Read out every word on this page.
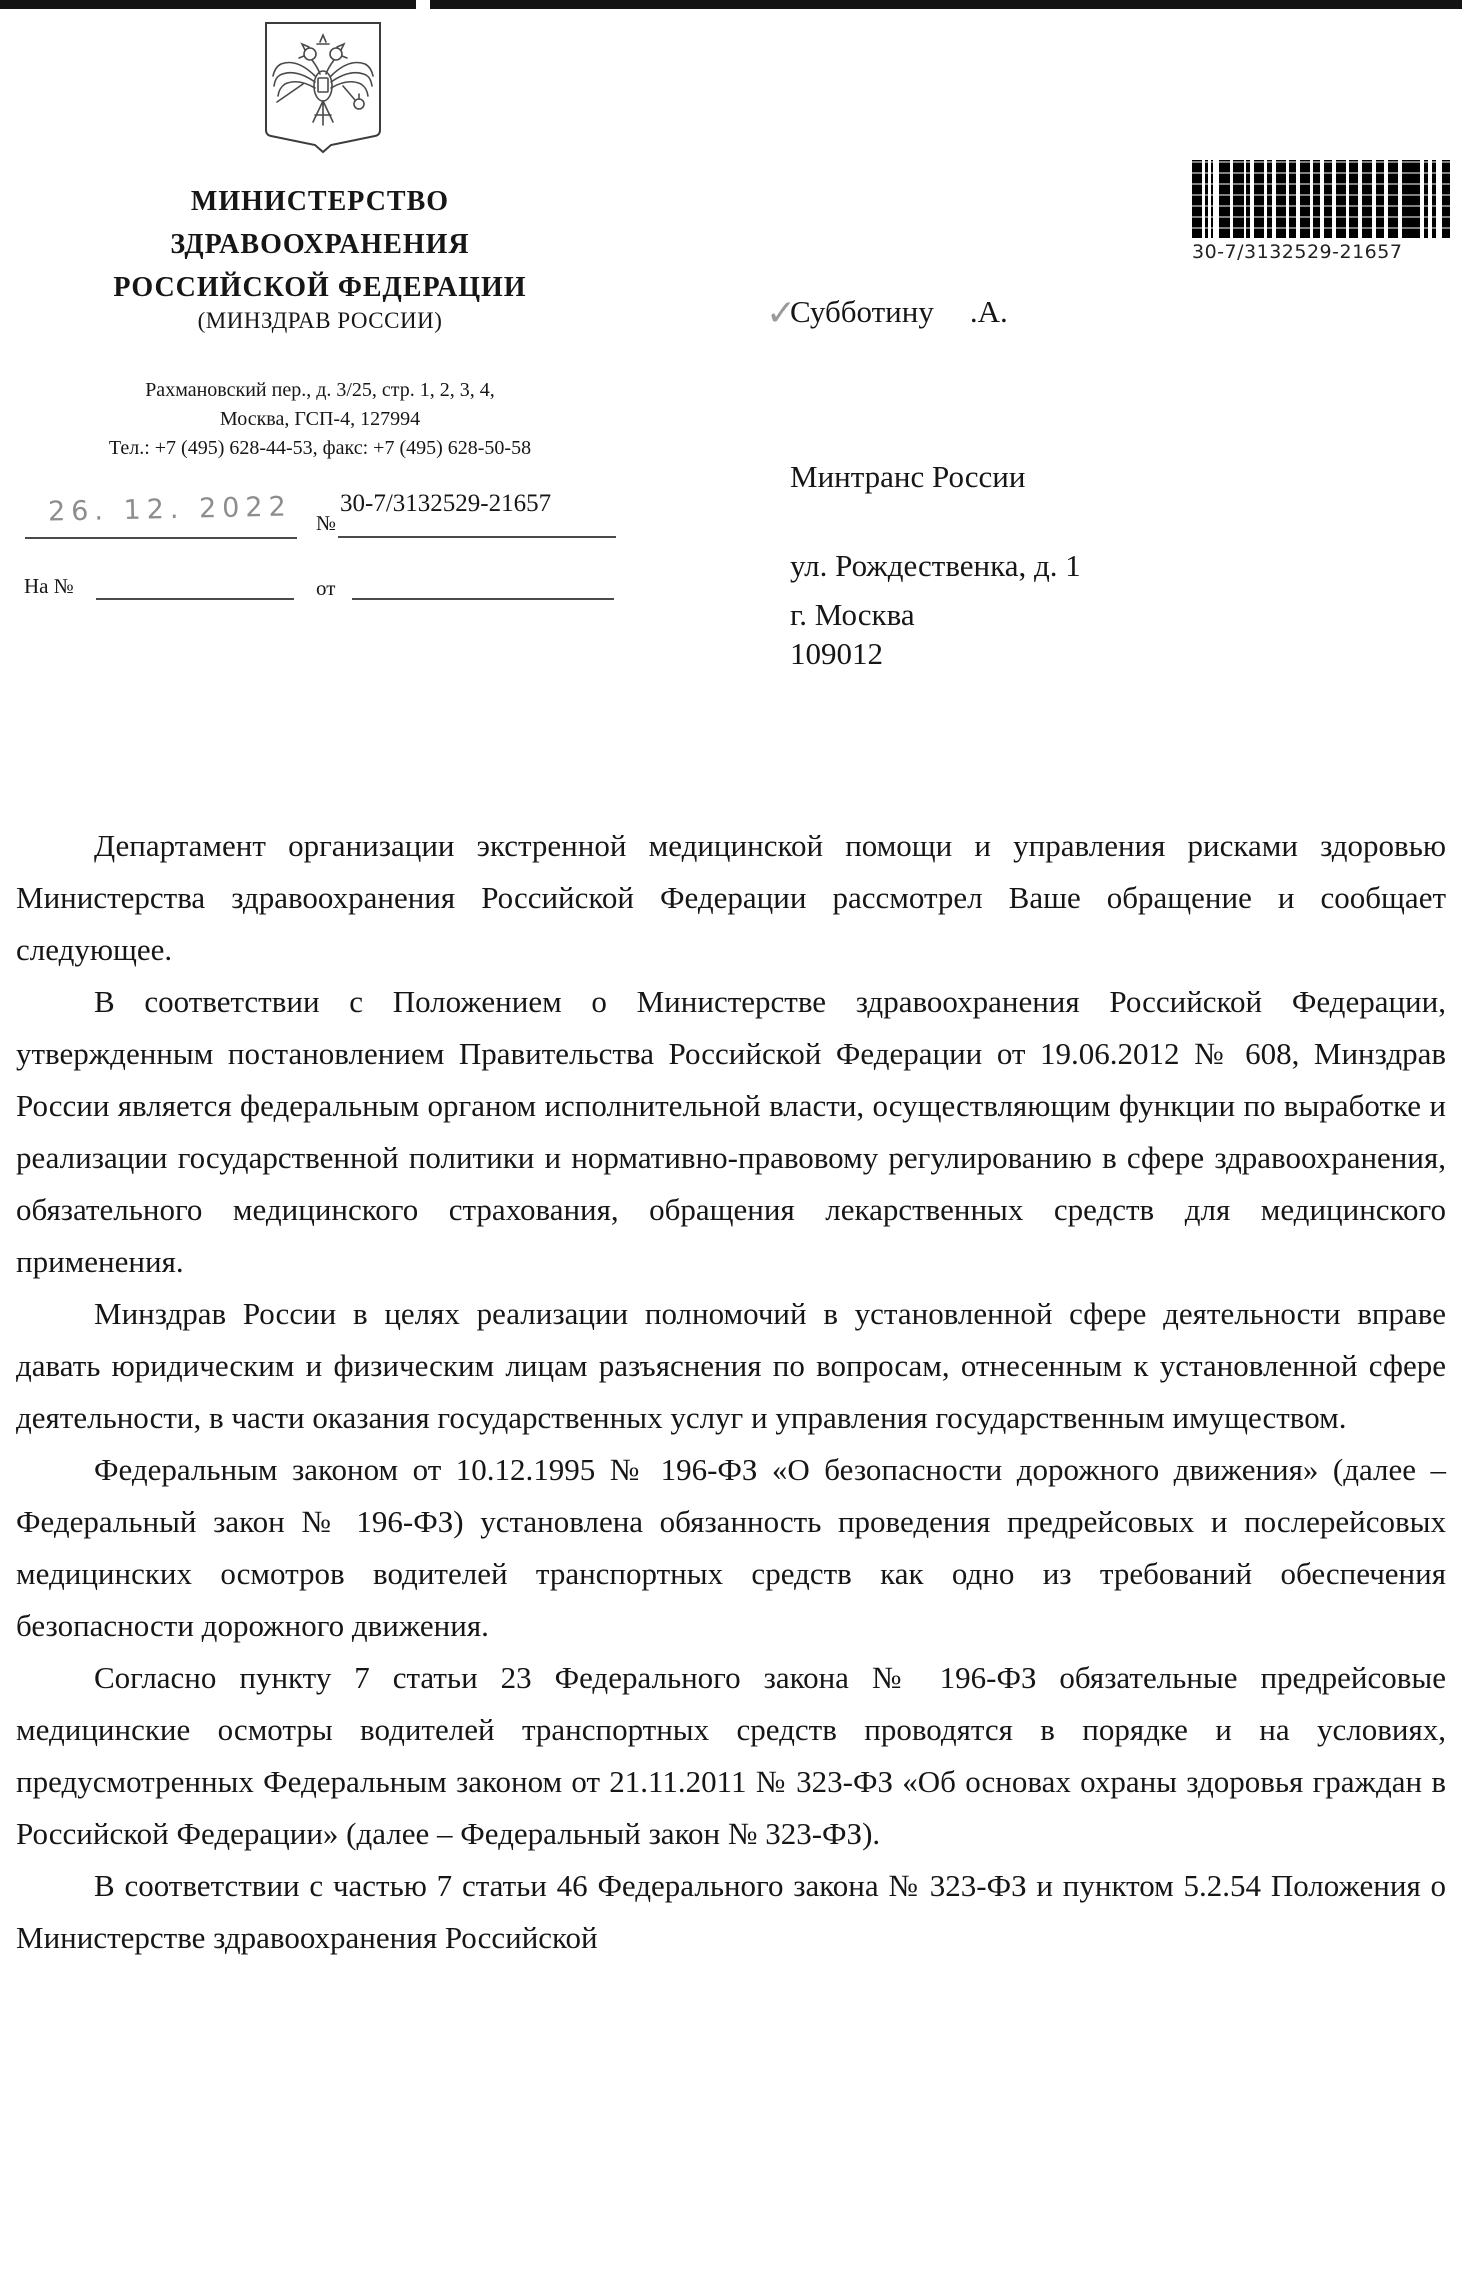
МИНИСТЕРСТВО
ЗДРАВООХРАНЕНИЯ
РОССИЙСКОЙ ФЕДЕРАЦИИ
(МИНЗДРАВ РОССИИ)
Рахмановский пер., д. 3/25, стр. 1, 2, 3, 4,
Москва, ГСП-4, 127994
Тел.: +7 (495) 628-44-53, факс: +7 (495) 628-50-58
26. 12. 2022 №
30-7/3132529-21657
На №	от
30-7/3132529-21657
✓
Субботину .А.
Минтранс России
ул. Рождественка, д. 1
г. Москва
109012

Департамент организации экстренной медицинской помощи и управления рисками здоровью Министерства здравоохранения Российской Федерации рассмотрел Ваше обращение и сообщает следующее.

В соответствии с Положением о Министерстве здравоохранения Российской Федерации, утвержденным постановлением Правительства Российской Федерации от 19.06.2012 № 608, Минздрав России является федеральным органом исполнительной власти, осуществляющим функции по выработке и реализации государственной политики и нормативно-правовому регулированию в сфере здравоохранения, обязательного медицинского страхования, обращения лекарственных средств для медицинского применения.

Минздрав России в целях реализации полномочий в установленной сфере деятельности вправе давать юридическим и физическим лицам разъяснения по вопросам, отнесенным к установленной сфере деятельности, в части оказания государственных услуг и управления государственным имуществом.

Федеральным законом от 10.12.1995 № 196-ФЗ «О безопасности дорожного движения» (далее – Федеральный закон № 196-ФЗ) установлена обязанность проведения предрейсовых и послерейсовых медицинских осмотров водителей транспортных средств как одно из требований обеспечения безопасности дорожного движения.

Согласно пункту 7 статьи 23 Федерального закона № 196-ФЗ обязательные предрейсовые медицинские осмотры водителей транспортных средств проводятся в порядке и на условиях, предусмотренных Федеральным законом от 21.11.2011 № 323-ФЗ «Об основах охраны здоровья граждан в Российской Федерации» (далее – Федеральный закон № 323-ФЗ).

В соответствии с частью 7 статьи 46 Федерального закона № 323-ФЗ и пунктом 5.2.54 Положения о Министерстве здравоохранения Российской
